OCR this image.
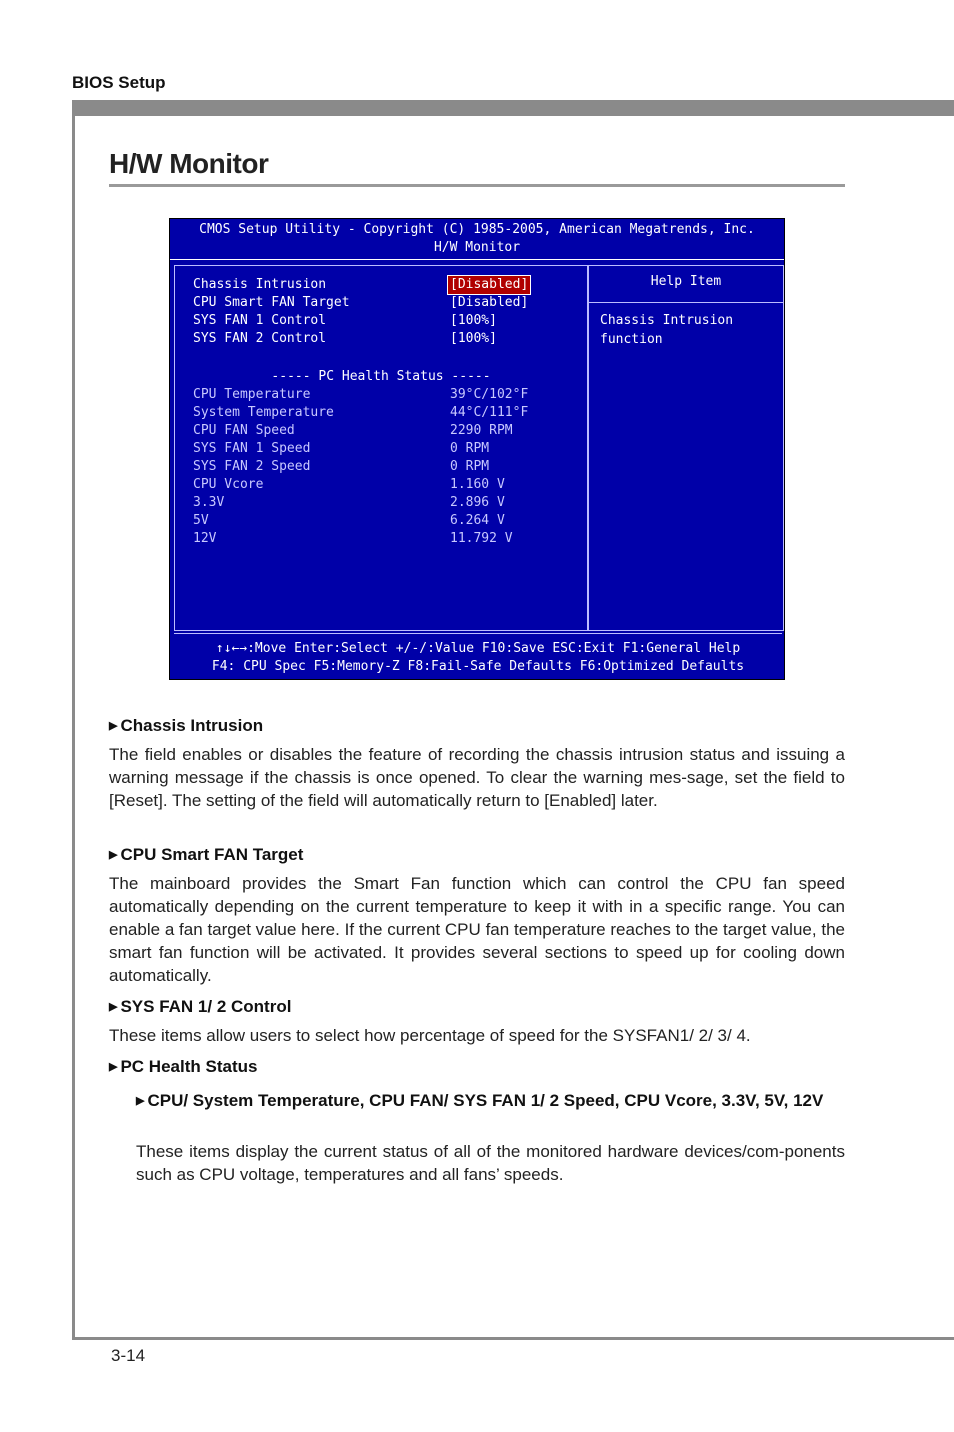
BIOS Setup
H/W Monitor
CMOS Setup Utility - Copyright (C) 1985-2005, American Megatrends, Inc.
H/W Monitor
Chassis Intrusion	[Disabled]
CPU Smart FAN Target	[Disabled]
SYS FAN 1 Control	[100%]
SYS FAN 2 Control	[100%]
----- PC Health Status -----
CPU Temperature	39°C/102°F
System Temperature	44°C/111°F
CPU FAN Speed	2290 RPM
SYS FAN 1 Speed	0 RPM
SYS FAN 2 Speed	0 RPM
CPU Vcore	1.160 V
3.3V	2.896 V
5V	6.264 V
12V	11.792 V
Help Item
Chassis Intrusion
function
↑↓←→:Move Enter:Select +/-/:Value F10:Save ESC:Exit F1:General Help
F4: CPU Spec F5:Memory-Z F8:Fail-Safe Defaults F6:Optimized Defaults
▶ Chassis Intrusion
The field enables or disables the feature of recording the chassis intrusion status and issuing a warning message if the chassis is once opened. To clear the warning mes-sage, set the field to [Reset]. The setting of the field will automatically return to [Enabled] later.
▶ CPU Smart FAN Target
The mainboard provides the Smart Fan function which can control the CPU fan speed automatically depending on the current temperature to keep it with in a specific range. You can enable a fan target value here. If the current CPU fan temperature reaches to the target value, the smart fan function will be activated. It provides several sections to speed up for cooling down automatically.
▶ SYS FAN 1/ 2 Control
These items allow users to select how percentage of speed for the SYSFAN1/ 2/ 3/ 4.
▶ PC Health Status
▶ CPU/ System Temperature, CPU FAN/ SYS FAN 1/ 2 Speed, CPU Vcore, 3.3V, 5V, 12V
These items display the current status of all of the monitored hardware devices/com-ponents such as CPU voltage, temperatures and all fans’ speeds.
3-14
